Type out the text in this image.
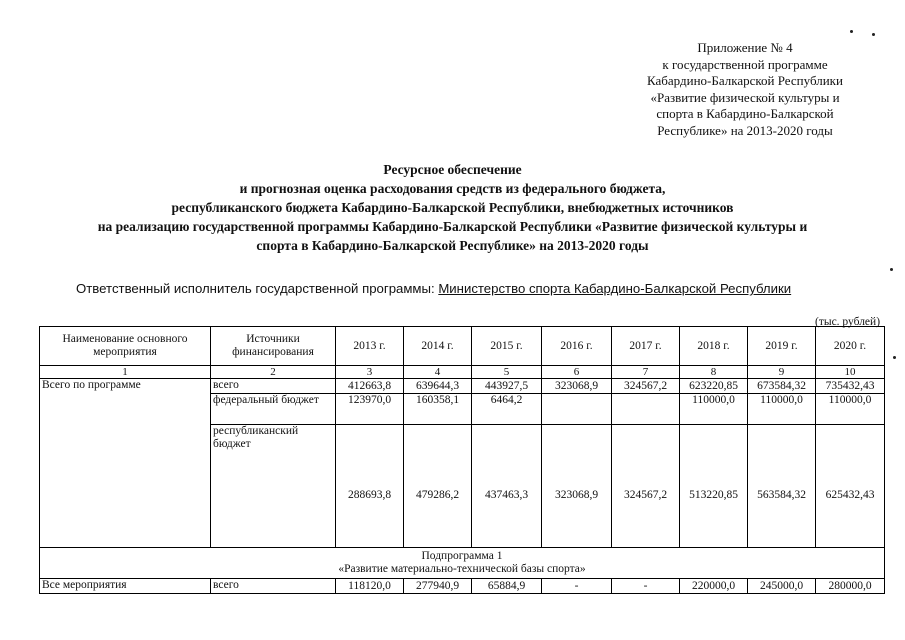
Приложение № 4
к государственной программе
Кабардино-Балкарской Республики
«Развитие физической культуры и
спорта в Кабардино-Балкарской
Республике» на 2013-2020 годы
Ресурсное обеспечение
и прогнозная оценка расходования средств из федерального бюджета,
республиканского бюджета Кабардино-Балкарской Республики, внебюджетных источников
на реализацию государственной программы Кабардино-Балкарской Республики «Развитие физической культуры и
спорта в Кабардино-Балкарской Республике» на 2013-2020 годы
Ответственный исполнитель государственной программы: Министерство спорта Кабардино-Балкарской Республики
(тыс. рублей)
Наименование основного мероприятия	Источники финансирования	2013 г.	2014 г.	2015 г.	2016 г.	2017 г.	2018 г.	2019 г.	2020 г.
1	2	3	4	5	6	7	8	9	10
Всего по программе	всего	412663,8	639644,3	443927,5	323068,9	324567,2	623220,85	673584,32	735432,43
	федеральный бюджет	123970,0	160358,1	6464,2			110000,0	110000,0	110000,0
	республиканский бюджет	288693,8	479286,2	437463,3	323068,9	324567,2	513220,85	563584,32	625432,43

Подпрограмма 1
«Развитие материально-технической базы спорта»									

Все мероприятия	всего	118120,0	277940,9	65884,9	-	-	220000,0	245000,0	280000,0
